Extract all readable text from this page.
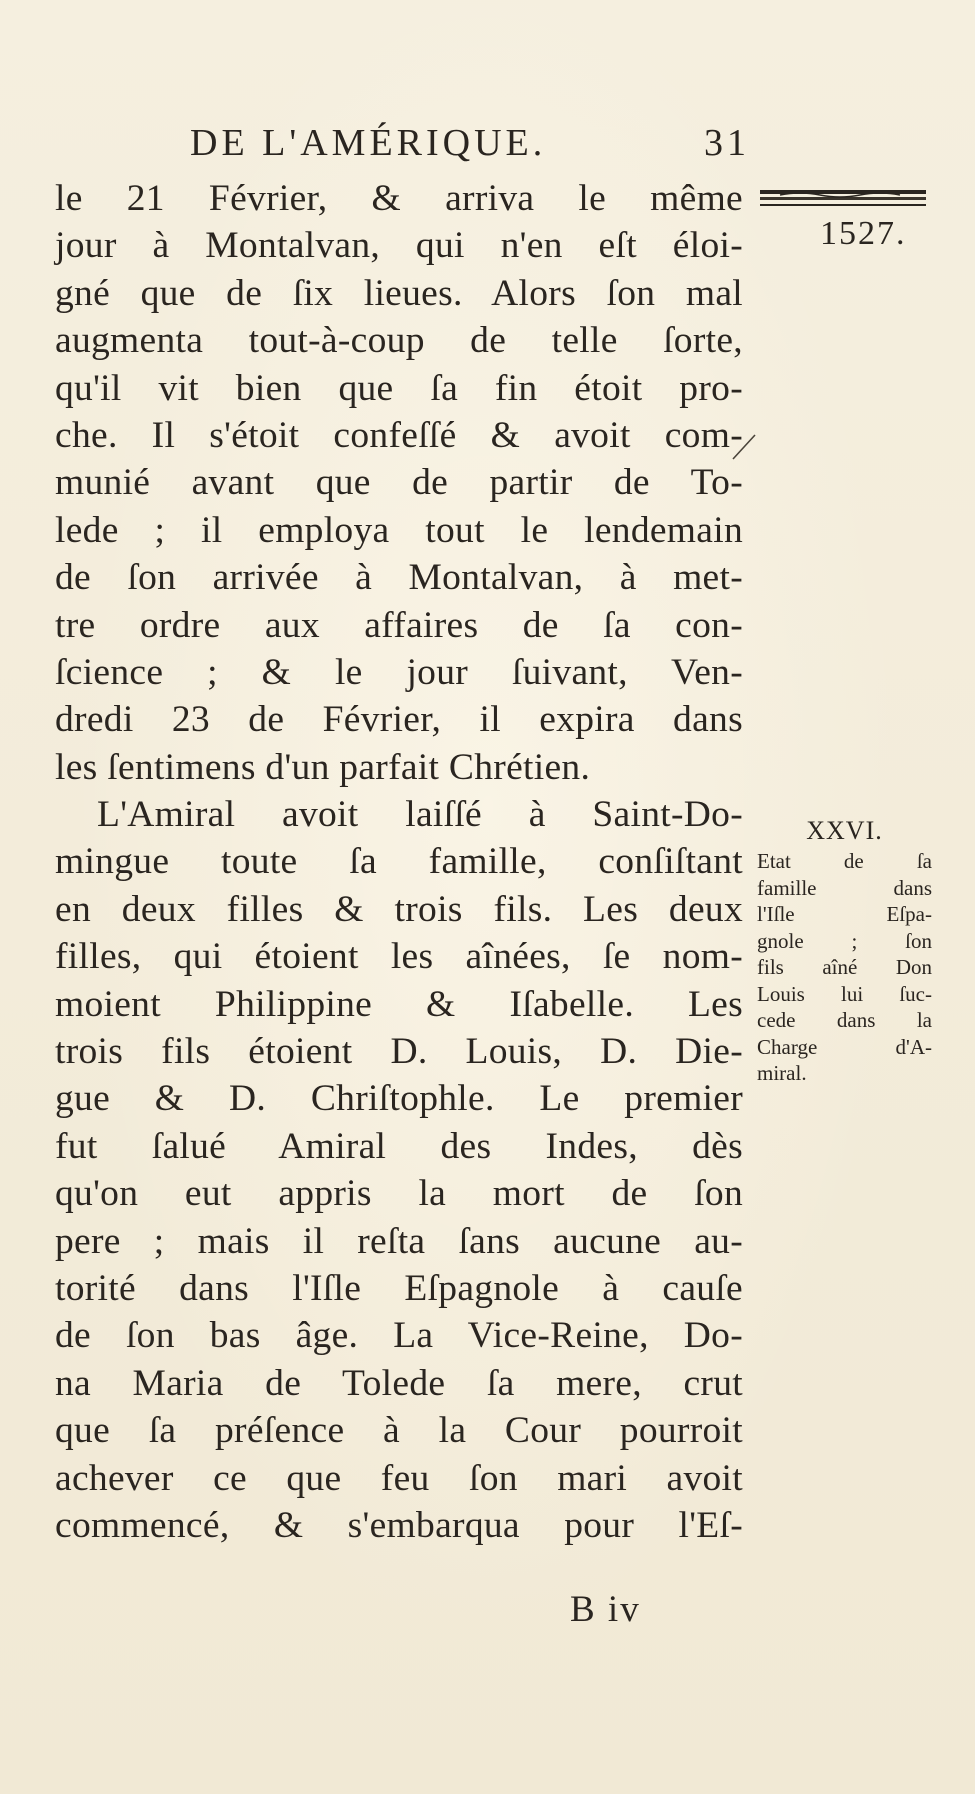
DE L'AMÉRIQUE.	31
1527.
le 21 Février, & arriva le même
jour à Montalvan, qui n'en eſt éloi-
gné que de ſix lieues. Alors ſon mal
augmenta tout-à-coup de telle ſorte,
qu'il vit bien que ſa fin étoit pro-
che. Il s'étoit confeſſé & avoit com-
munié avant que de partir de To-
lede ; il employa tout le lendemain
de ſon arrivée à Montalvan, à met-
tre ordre aux affaires de ſa con-
ſcience ; & le jour ſuivant, Ven-
dredi 23 de Février, il expira dans
les ſentimens d'un parfait Chrétien.
L'Amiral avoit laiſſé à Saint-Do-
mingue toute ſa famille, conſiſtant
en deux filles & trois fils. Les deux
filles, qui étoient les aînées, ſe nom-
moient Philippine & Iſabelle. Les
trois fils étoient D. Louis, D. Die-
gue & D. Chriſtophle. Le premier
fut ſalué Amiral des Indes, dès
qu'on eut appris la mort de ſon
pere ; mais il reſta ſans aucune au-
torité dans l'Iſle Eſpagnole à cauſe
de ſon bas âge. La Vice-Reine, Do-
na Maria de Tolede ſa mere, crut
que ſa préſence à la Cour pourroit
achever ce que feu ſon mari avoit
commencé, & s'embarqua pour l'Eſ-
XXVI.
Etat de ſa
famille dans
l'Iſle Eſpa-
gnole ; ſon
fils aîné Don
Louis lui ſuc-
cede dans la
Charge d'A-
miral.
B iv
